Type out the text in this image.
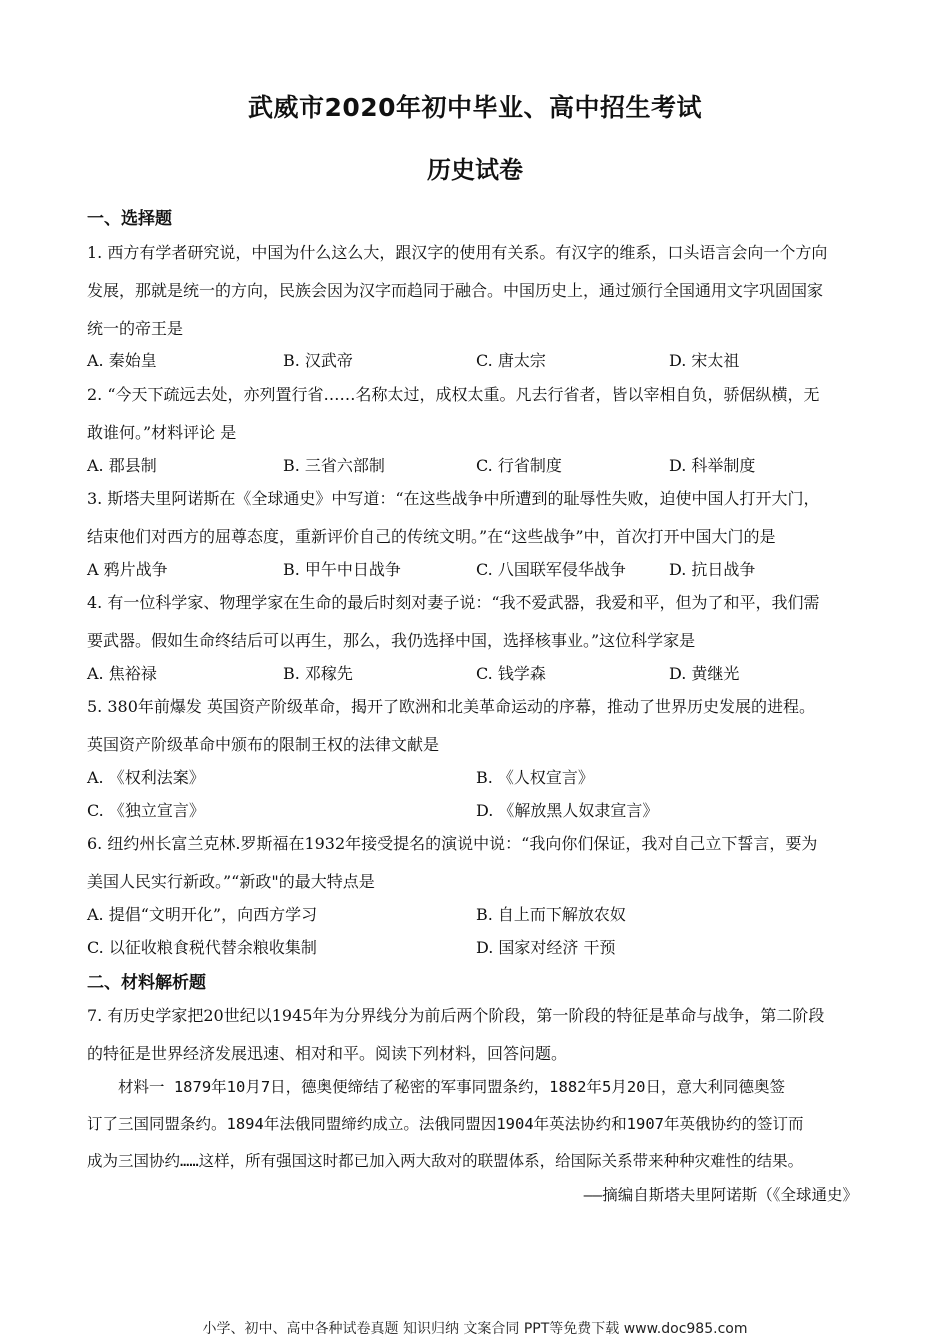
武威市2020年初中毕业、高中招生考试
历史试卷
一、选择题
1. 西方有学者研究说，中国为什么这么大，跟汉字的使用有关系。有汉字的维系，口头语言会向一个方向
发展，那就是统一的方向，民族会因为汉字而趋同于融合。中国历史上，通过颁行全国通用文字巩固国家
统一的帝王是
A. 秦始皇	B. 汉武帝	C. 唐太宗	D. 宋太祖
2. “今天下疏远去处，亦列置行省……名称太过，成权太重。凡去行省者，皆以宰相自负，骄倨纵横，无
敢谁何。”材料评论 是
A. 郡县制	B. 三省六部制	C. 行省制度	D. 科举制度
3. 斯塔夫里阿诺斯在《全球通史》中写道：“在这些战争中所遭到的耻辱性失败，迫使中国人打开大门，
结束他们对西方的屈尊态度，重新评价自己的传统文明。”在“这些战争”中，首次打开中国大门的是
A 鸦片战争	B. 甲午中日战争	C. 八国联军侵华战争	D. 抗日战争
4. 有一位科学家、物理学家在生命的最后时刻对妻子说：“我不爱武器，我爱和平，但为了和平，我们需
要武器。假如生命终结后可以再生，那么，我仍选择中国，选择核事业。”这位科学家是
A. 焦裕禄	B. 邓稼先	C. 钱学森	D. 黄继光
5. 380年前爆发 英国资产阶级革命，揭开了欧洲和北美革命运动的序幕，推动了世界历史发展的进程。
英国资产阶级革命中颁布的限制王权的法律文献是
A. 《权利法案》	B. 《人权宣言》
C. 《独立宣言》	D. 《解放黑人奴隶宣言》
6. 纽约州长富兰克林.罗斯福在1932年接受提名的演说中说：“我向你们保证，我对自己立下誓言，要为
美国人民实行新政。”“新政"的最大特点是
A. 提倡“文明开化”，向西方学习	B. 自上而下解放农奴
C. 以征收粮食税代替余粮收集制	D. 国家对经济 干预
二、材料解析题
7. 有历史学家把20世纪以1945年为分界线分为前后两个阶段，第一阶段的特征是革命与战争，第二阶段
的特征是世界经济发展迅速、相对和平。阅读下列材料，回答问题。
材料一 1879年10月7日，德奥便缔结了秘密的军事同盟条约，1882年5月20日，意大利同德奥签
订了三国同盟条约。1894年法俄同盟缔约成立。法俄同盟因1904年英法协约和1907年英俄协约的签订而
成为三国协约……这样，所有强国这时都已加入两大敌对的联盟体系，给国际关系带来种种灾难性的结果。
——摘编自斯塔夫里阿诺斯（《全球通史》
小学、初中、高中各种试卷真题 知识归纳 文案合同 PPT等免费下载 www.doc985.com
